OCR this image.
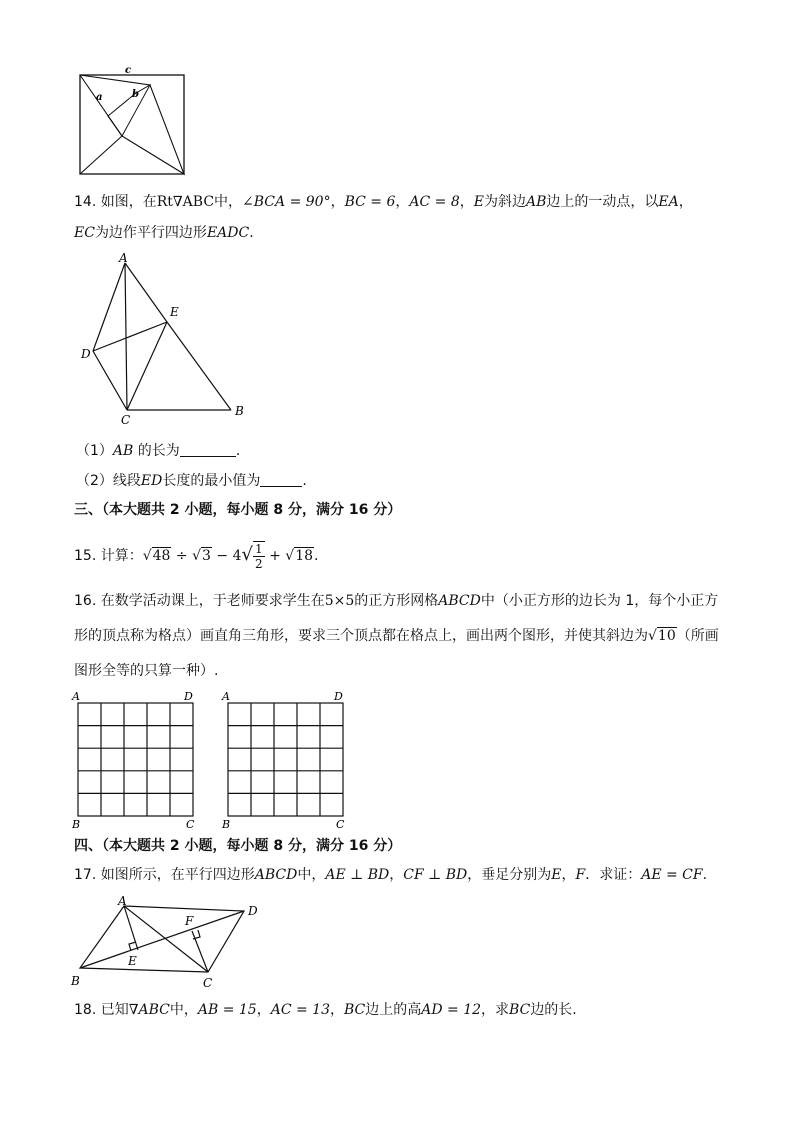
c
a	b
14. 如图，在Rt∇ABC中，∠BCA = 90°，BC = 6，AC = 8，E为斜边AB边上的一动点，以EA，
EC为边作平行四边形EADC.
A
E
D
C
B
（1）AB 的长为	.
（2）线段ED长度的最小值为	.
三、（本大题共 2 小题，每小题 8 分，满分 16 分）
15. 计算：$√48 \div √3 - 4√ \frac{1}{2} + √18$.
16. 在数学活动课上，于老师要求学生在5×5的正方形网格ABCD中（小正方形的边长为 1，每个小正方
形的顶点称为格点）画直角三角形，要求三个顶点都在格点上，画出两个图形，并使其斜边为√10（所画
图形全等的只算一种）.
A	D
B	C
A	D
B	C
四、（本大题共 2 小题，每小题 8 分，满分 16 分）
17. 如图所示，在平行四边形ABCD中，AE ⊥ BD，CF ⊥ BD，垂足分别为E，F．求证：AE = CF.
A
D
F
E
B	C
18. 已知∇ABC中，AB = 15，AC = 13，BC边上的高AD = 12，求BC边的长.
